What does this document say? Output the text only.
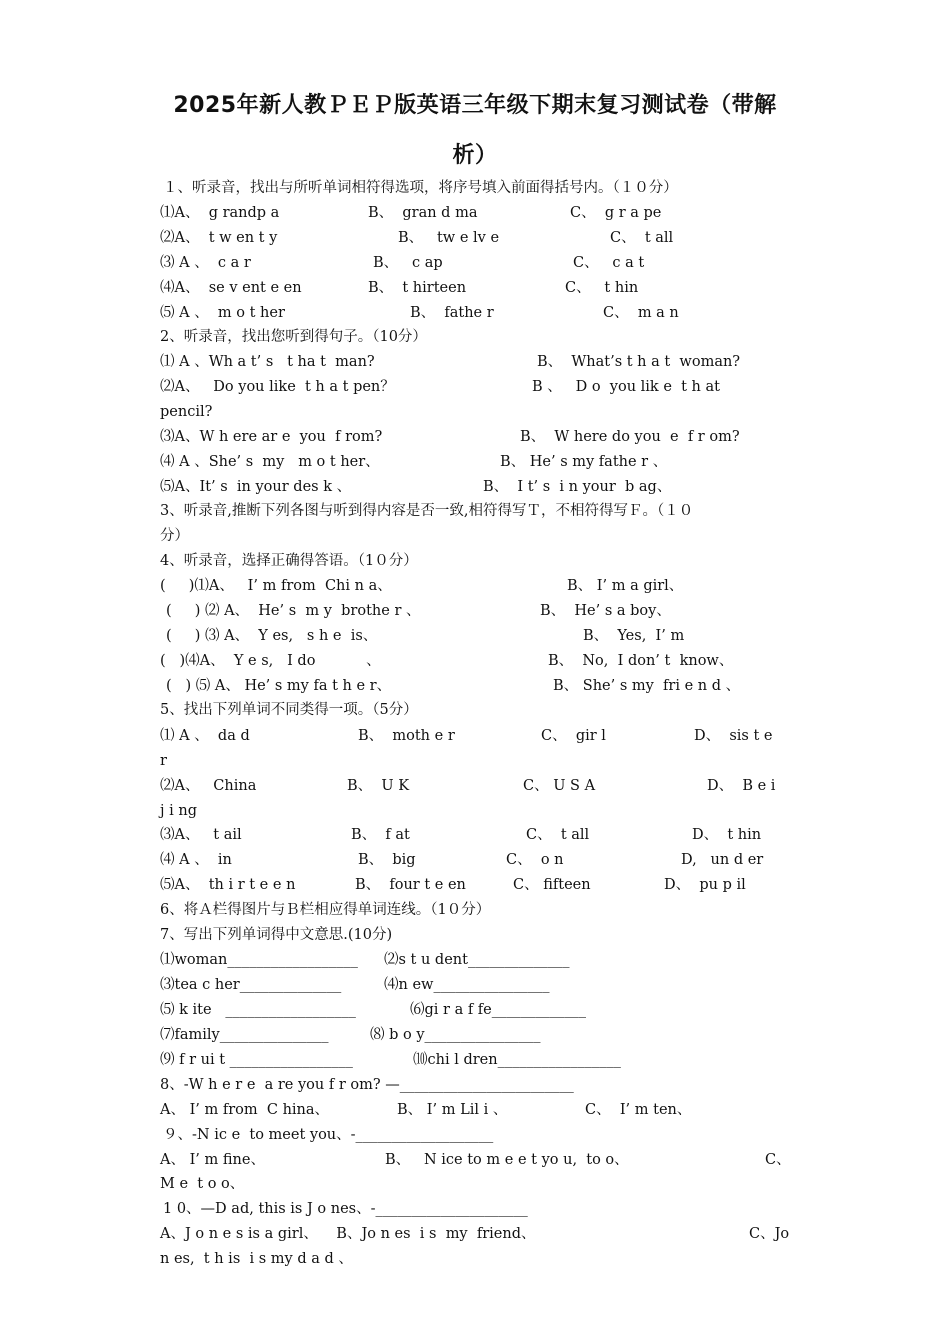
2025年新人教ＰＥＰ版英语三年级下期末复习测试卷（带解
析）
１、听录音，找出与所听单词相符得选项，将序号填入前面得括号内。（１０分）
⑴A、  g randp a	B、  gran d ma	C、  g r a pe
⑵A、  t w en t y	B、   tw e lv e	C、  t all
⑶ A 、  c a r	B、   c ap	C、   c a t
⑷A、  se v ent e en	B、  t hirteen	C、   t hin
⑸ A 、  m o t her	B、  fathe r	C、  m a n
2、听录音，找出您听到得句子。（10分）
⑴ A 、Wh a t’ s   t ha t  man?	B、  What’s t h a t  woman?
⑵A、   Do you like  t h a t pen？	B 、   D o  you lik e  t h at
pencil?
⑶A、W h ere ar e  you  f rom?	B、  W here do you  e  f r om?
⑷ A 、She’ s  my   m o t her、	B、 He’ s my fathe r 、
⑸A、It’ s  in your des k 、	B、  I t’ s  i n your  b ag、
3、听录音,推断下列各图与听到得内容是否一致,相符得写Ｔ，不相符得写Ｆ。（１０
分）
4、听录音，选择正确得答语。（1０分）
(     )⑴A、   I’ m from  Chi n a、	B、 I’ m a girl、
(     ) ⑵ A、  He’ s  m y  brothe r 、	B、  He’ s a boy、
(     ) ⑶ A、  Y es,   s h e  is、	B、  Yes,  I’ m
(   )⑷A、  Y e s,   I do           、	B、  No,  I don’ t  know、
(   ) ⑸ A、 He’ s my fa t h e r、	B、 She’ s my  fri e n d 、
5、找出下列单词不同类得一项。（5分）
⑴ A 、  da d	B、  moth e r	C、  gir l	D、  sis t e
r
⑵A、   China	B、  U K	C、 U S A	D、  B e i
j i ng
⑶A、   t ail	B、  f at	C、  t all	D、  t hin
⑷ A 、  in	B、  big	C、  o n	D,   un d er
⑸A、  th i r t e e n	B、  four t e en	C、 fifteen	D、  pu p il
6、将Ａ栏得图片与Ｂ栏相应得单词连线。（1０分）
7、写出下列单词得中文意思.(10分)
⑴woman__________________ ⑵s t u dent______________
⑶tea c her______________	⑷n ew________________
⑸ k ite   __________________	⑹gi r a f fe_____________
⑺family_______________	⑻ b o y________________
⑼ f r ui t _________________	⑽chi l dren_________________
8、-W h e r e  a re you f r om? —________________________
A、 I’ m from  C hina、	B、 I’ m Lil i 、	C、  I’ m ten、
９、-N ic e  to meet you、-___________________
A、 I’ m fine、	B、   N ice to m e e t yo u,  to o、	C、
M e  t o o、
1 0、—D ad, this is J o nes、-_____________________
A、J o n e s is a girl、    B、Jo n es  i s  my  friend、	C、Jo
n es,  t h is  i s my d a d 、
